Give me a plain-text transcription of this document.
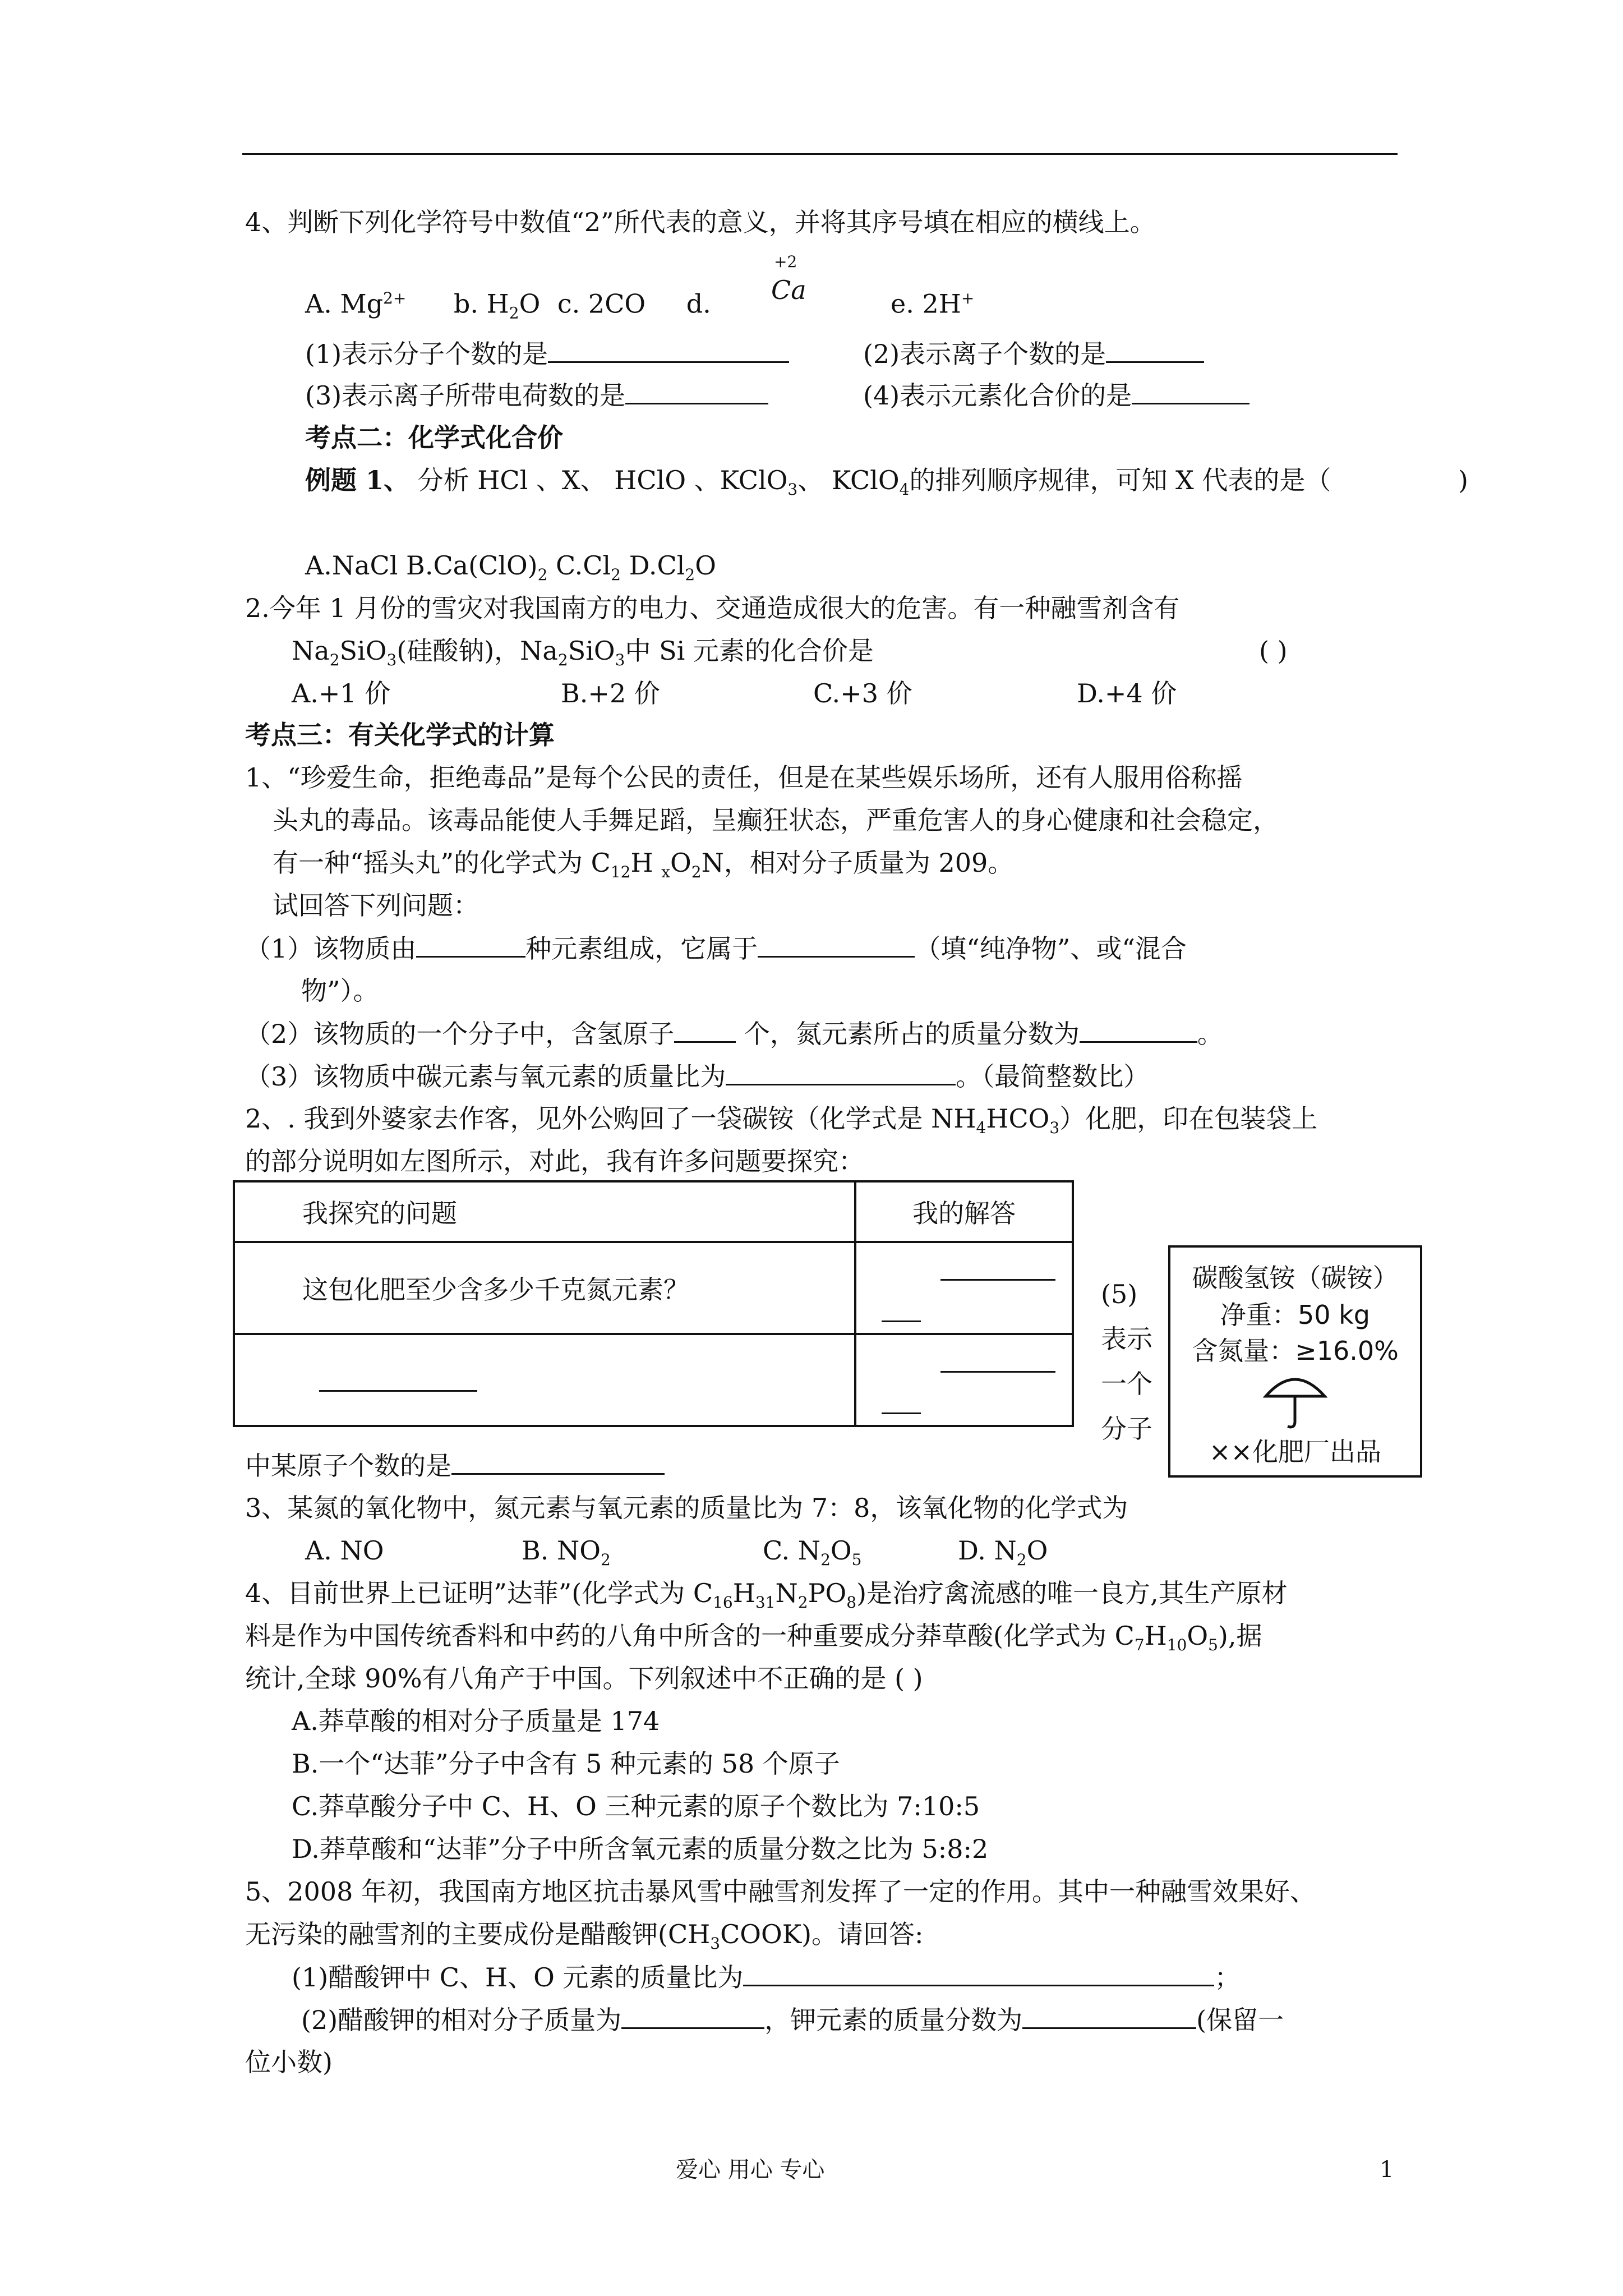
4、判断下列化学符号中数值“2”所代表的意义，并将其序号填在相应的横线上。
A. $Mg^{2+}$ b. $H_2O$ c. 2CO d.
+2
Ca	e. 2H+
(1)表示分子个数的是	(2)表示离子个数的是
(3)表示离子所带电荷数的是	(4)表示元素化合价的是
考点二：化学式化合价
例题 1、 分析 HCl 、X、 HClO 、KClO$_3$、 KClO$_4$的排列顺序规律，可知 X 代表的是（	)
A.NaCl $B.Ca(ClO)_2$ $C.Cl_2$ $D.Cl_2O$
2.今年 1 月份的雪灾对我国南方的电力、交通造成很大的危害。有一种融雪剂含有
$Na_2SiO_3$(硅酸钠)，$Na_2SiO_3$中 Si 元素的化合价是	( )
A.+1 价	B.+2 价	C.+3 价	D.+4 价
考点三：有关化学式的计算
1、“珍爱生命，拒绝毒品”是每个公民的责任，但是在某些娱乐场所，还有人服用俗称摇
头丸的毒品。该毒品能使人手舞足蹈，呈癫狂状态，严重危害人的身心健康和社会稳定，
有一种“摇头丸”的化学式为 $C_{12}H$ $_xO_2N$，相对分子质量为 209。
试回答下列问题：
（1）该物质由	种元素组成，它属于	（填“纯净物”、或“混合
物”）。
（2）该物质的一个分子中，含氢原子	个，氮元素所占的质量分数为	。
（3）该物质中碳元素与氧元素的质量比为	。（最简整数比）
2、. 我到外婆家去作客，见外公购回了一袋碳铵（化学式是 $NH_4HCO_3$）化肥，印在包装袋上
的部分说明如左图所示，对此，我有许多问题要探究：
我探究的问题	我的解答
这包化肥至少含多少千克氮元素？	

		(5)
表示
一个
分子
碳酸氢铵（碳铵）
净重：50 kg
含氮量：≥16.0%
××化肥厂出品
中某原子个数的是
3、某氮的氧化物中，氮元素与氧元素的质量比为 7：8，该氧化物的化学式为
A. NO	B. $NO_2$	C. $N_2O_5$	D. $N_2O$
4、目前世界上已证明”达菲”(化学式为 $C_{16}H_{31}N_2PO_8$)是治疗禽流感的唯一良方,其生产原材
料是作为中国传统香料和中药的八角中所含的一种重要成分莽草酸(化学式为 $C_7H_{10}O_5$),据
统计,全球 90%有八角产于中国。下列叙述中不正确的是 ( )
A.莽草酸的相对分子质量是 174
B.一个“达菲”分子中含有 5 种元素的 58 个原子
C.莽草酸分子中 C、H、O 三种元素的原子个数比为 7:10:5
D.莽草酸和“达菲”分子中所含氧元素的质量分数之比为 5:8:2
5、2008 年初，我国南方地区抗击暴风雪中融雪剂发挥了一定的作用。其中一种融雪效果好、
无污染的融雪剂的主要成份是醋酸钾$(CH_3COOK)$。请回答:
(1)醋酸钾中 C、H、O 元素的质量比为	；
(2)醋酸钾的相对分子质量为	，钾元素的质量分数为	(保留一
位小数)
爱心 用心 专心	1
